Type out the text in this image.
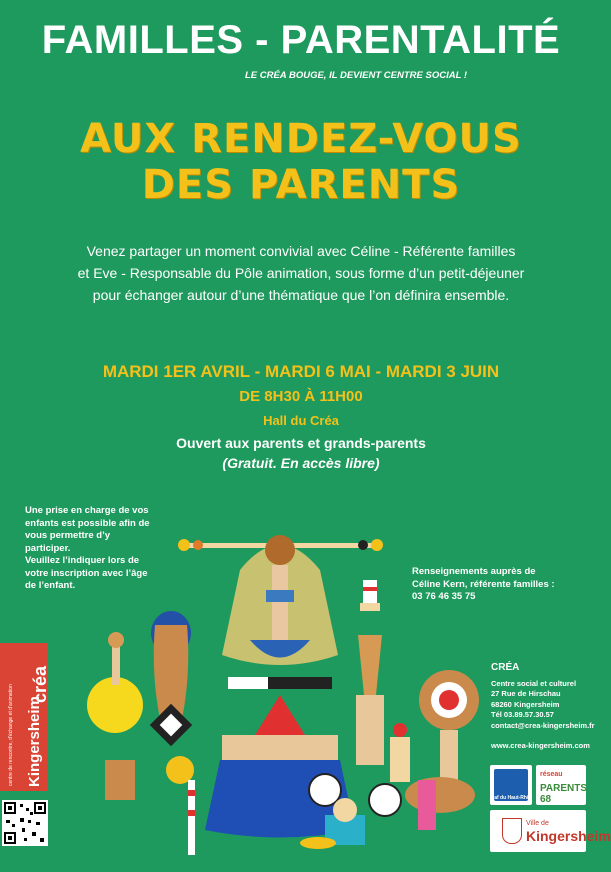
FAMILLES - PARENTALITÉ
LE CRÉA BOUGE, IL DEVIENT CENTRE SOCIAL !
AUX RENDEZ-VOUS
DES PARENTS
Venez partager un moment convivial avec Céline - Référente familles
et Eve - Responsable du Pôle animation, sous forme d’un petit-déjeuner
pour échanger autour d’une thématique que l’on définira ensemble.
MARDI 1ER AVRIL - MARDI 6 MAI - MARDI 3 JUIN
DE 8H30 À 11H00
Hall du Créa
Ouvert aux parents et grands-parents
(Gratuit. En accès libre)
Une prise en charge de vos
enfants est possible afin de
vous permettre d’y
participer.
Veuillez l’indiquer lors de
votre inscription avec l’âge
de l’enfant.
Renseignements auprès de
Céline Kern, référente familles :
03 76 46 35 75
CRÉA
Centre social et culturel
27 Rue de Hirschau
68260 Kingersheim
Tél 03.89.57.30.57
contact@crea-kingersheim.fr
www.crea-kingersheim.com
centre de rencontre, d’échange et d’animation Kingersheim
créa
Caf du Haut-Rhin
réseau
PARENTS 68
Ville de
Kingersheim
